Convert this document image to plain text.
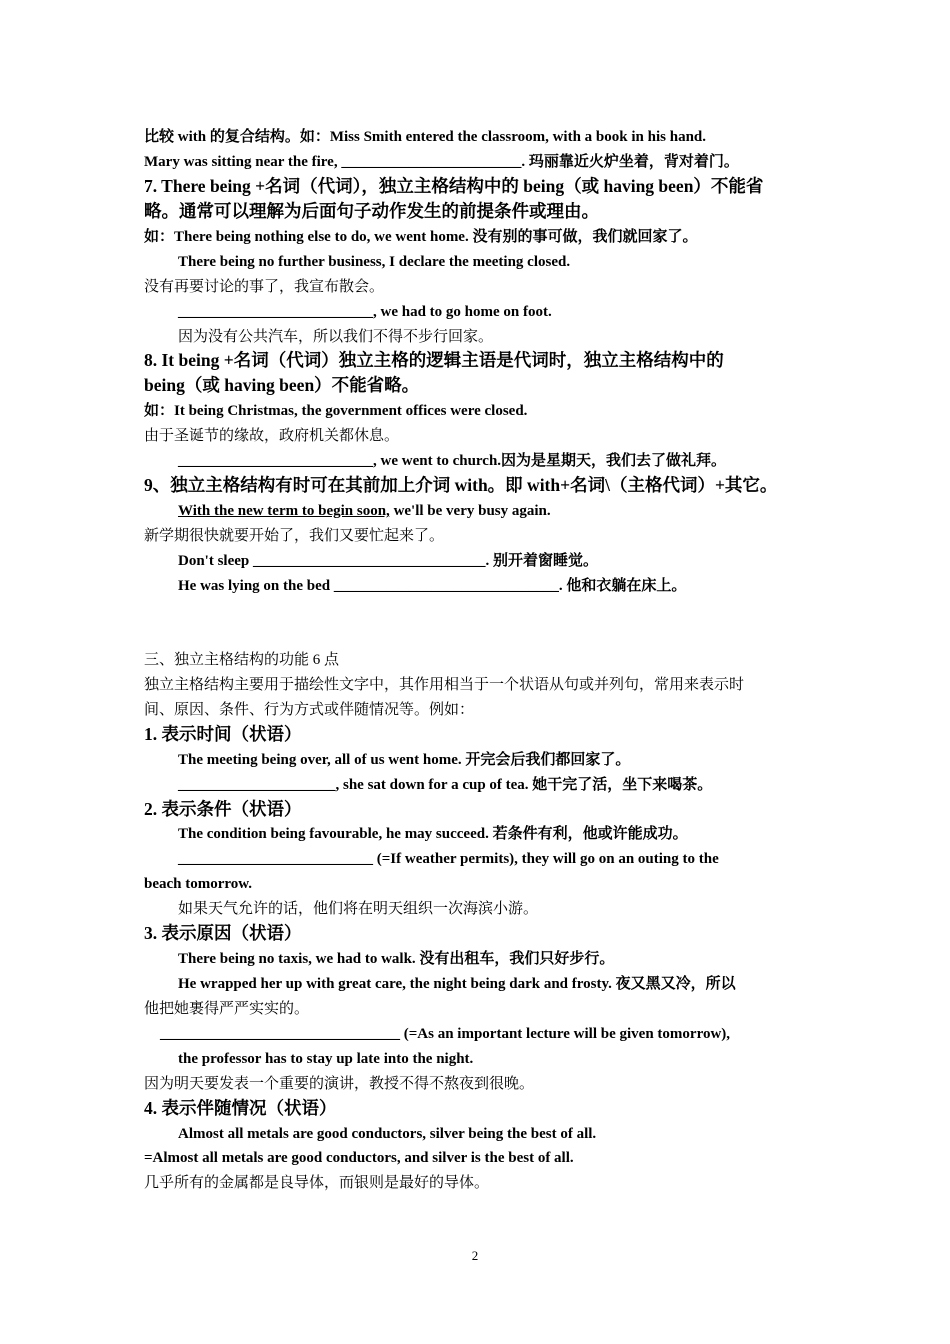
比较 with 的复合结构。如：Miss Smith entered the classroom, with a book in his hand.
Mary was sitting near the fire, ________________________. 玛丽靠近火炉坐着，背对着门。
7. There being +名词（代词），独立主格结构中的 being（或 having been）不能省
略。通常可以理解为后面句子动作发生的前提条件或理由。
如：There being nothing else to do, we went home. 没有别的事可做，我们就回家了。
There being no further business, I declare the meeting closed.
没有再要讨论的事了，我宣布散会。
__________________________, we had to go home on foot.
因为没有公共汽车，所以我们不得不步行回家。
8. It being +名词（代词）独立主格的逻辑主语是代词时，独立主格结构中的
being（或 having been）不能省略。
如：It being Christmas, the government offices were closed.
由于圣诞节的缘故，政府机关都休息。
__________________________, we went to church.因为是星期天，我们去了做礼拜。
9、独立主格结构有时可在其前加上介词 with。即 with+名词\（主格代词）+其它。
With the new term to begin soon, we'll be very busy again.
新学期很快就要开始了，我们又要忙起来了。
Don't sleep _______________________________. 别开着窗睡觉。
He was lying on the bed ______________________________. 他和衣躺在床上。
三、独立主格结构的功能 6 点
独立主格结构主要用于描绘性文字中，其作用相当于一个状语从句或并列句，常用来表示时
间、原因、条件、行为方式或伴随情况等。例如：
1. 表示时间（状语）
The meeting being over, all of us went home. 开完会后我们都回家了。
_____________________, she sat down for a cup of tea. 她干完了活，坐下来喝茶。
2. 表示条件（状语）
The condition being favourable, he may succeed. 若条件有利，他或许能成功。
__________________________ (=If weather permits), they will go on an outing to the
beach tomorrow.
如果天气允许的话，他们将在明天组织一次海滨小游。
3. 表示原因（状语）
There being no taxis, we had to walk. 没有出租车，我们只好步行。
He wrapped her up with great care, the night being dark and frosty. 夜又黑又冷，所以
他把她裹得严严实实的。
________________________________ (=As an important lecture will be given tomorrow),
the professor has to stay up late into the night.
因为明天要发表一个重要的演讲，教授不得不熬夜到很晚。
4. 表示伴随情况（状语）
Almost all metals are good conductors, silver being the best of all.
=Almost all metals are good conductors, and silver is the best of all.
几乎所有的金属都是良导体，而银则是最好的导体。
2
